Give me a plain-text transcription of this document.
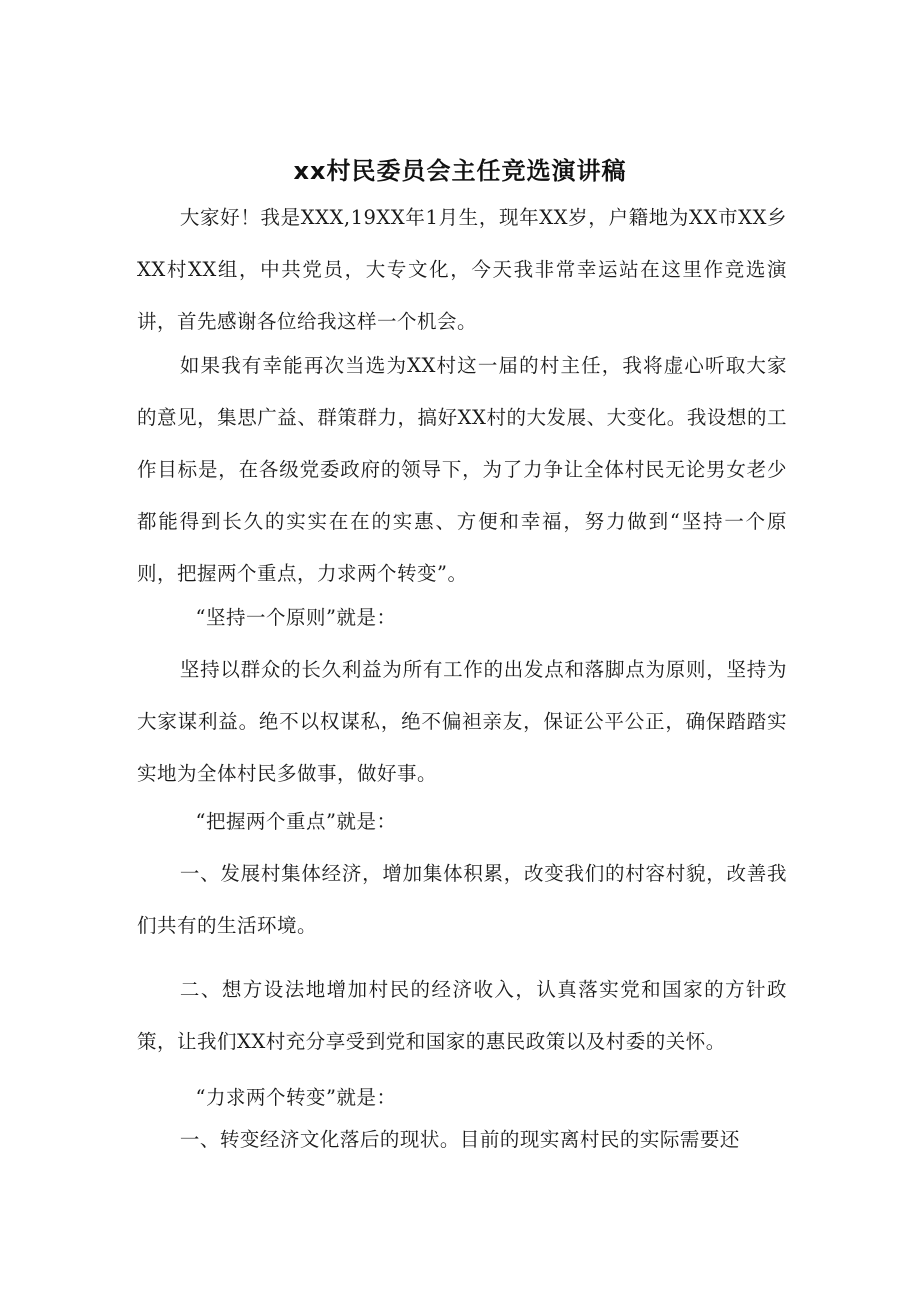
xx村民委员会主任竞选演讲稿

大家好！我是XXX,19XX年1月生，现年XX岁，户籍地为XX市XX乡XX村XX组，中共党员，大专文化，今天我非常幸运站在这里作竞选演讲，首先感谢各位给我这样一个机会。

如果我有幸能再次当选为XX村这一届的村主任，我将虚心听取大家的意见，集思广益、群策群力，搞好XX村的大发展、大变化。我设想的工作目标是，在各级党委政府的领导下，为了力争让全体村民无论男女老少都能得到长久的实实在在的实惠、方便和幸福，努力做到“坚持一个原则，把握两个重点，力求两个转变”。

“坚持一个原则”就是：

坚持以群众的长久利益为所有工作的出发点和落脚点为原则，坚持为大家谋利益。绝不以权谋私，绝不偏袒亲友，保证公平公正，确保踏踏实实地为全体村民多做事，做好事。

“把握两个重点”就是：

一、发展村集体经济，增加集体积累，改变我们的村容村貌，改善我们共有的生活环境。

二、想方设法地增加村民的经济收入，认真落实党和国家的方针政策，让我们XX村充分享受到党和国家的惠民政策以及村委的关怀。

“力求两个转变”就是：

一、转变经济文化落后的现状。目前的现实离村民的实际需要还
